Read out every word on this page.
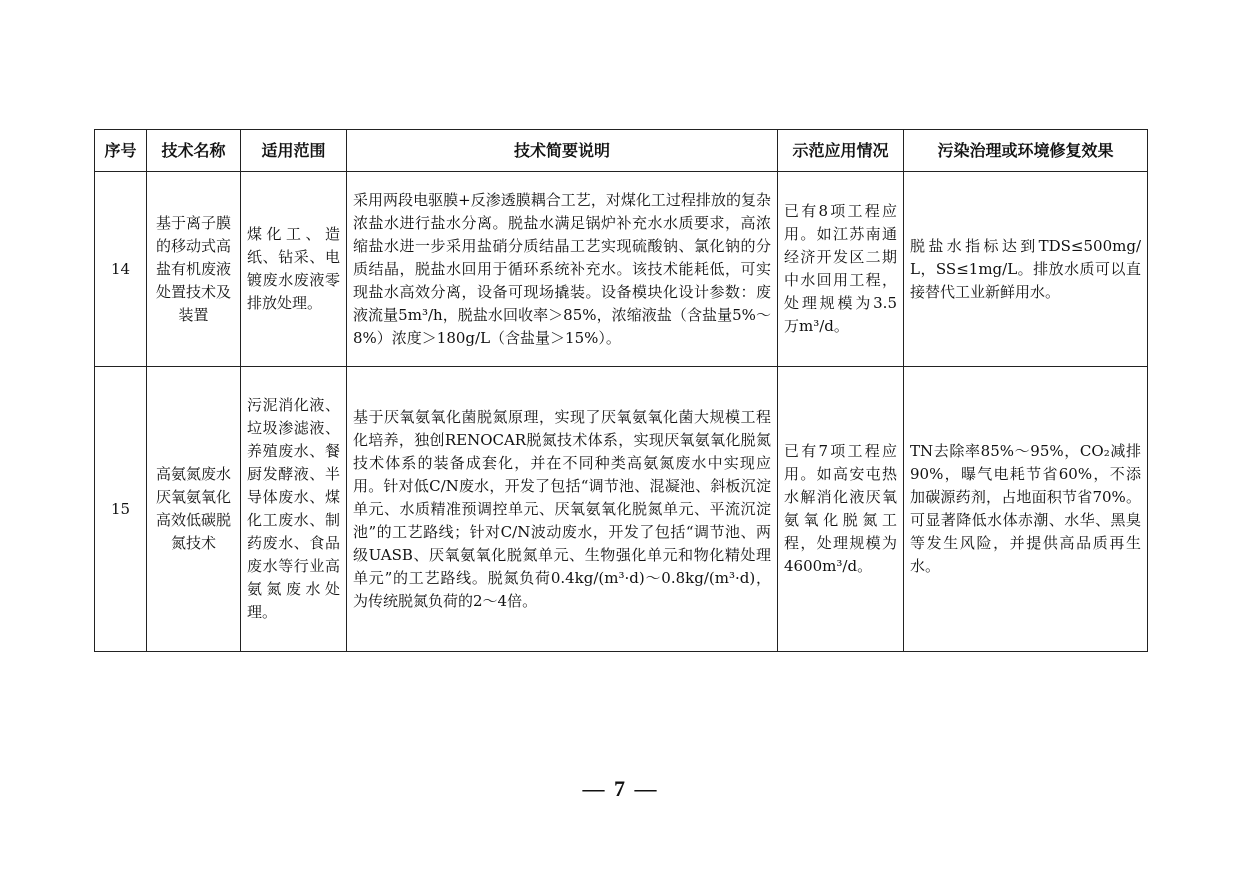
序号	技术名称	适用范围	技术简要说明	示范应用情况	污染治理或环境修复效果
14	基于离子膜的移动式高盐有机废液处置技术及装置	煤化工、造纸、钻采、电镀废水废液零排放处理。	采用两段电驱膜+反渗透膜耦合工艺，对煤化工过程排放的复杂浓盐水进行盐水分离。脱盐水满足锅炉补充水水质要求，高浓缩盐水进一步采用盐硝分质结晶工艺实现硫酸钠、氯化钠的分质结晶，脱盐水回用于循环系统补充水。该技术能耗低，可实现盐水高效分离，设备可现场撬装。设备模块化设计参数：废液流量5m³/h，脱盐水回收率＞85%，浓缩液盐（含盐量5%～8%）浓度＞180g/L（含盐量＞15%）。	已有8项工程应用。如江苏南通经济开发区二期中水回用工程，处理规模为3.5万m³/d。	脱盐水指标达到TDS≤500mg/L，SS≤1mg/L。排放水质可以直接替代工业新鲜用水。
15	高氨氮废水厌氧氨氧化高效低碳脱氮技术	污泥消化液、垃圾渗滤液、养殖废水、餐厨发酵液、半导体废水、煤化工废水、制药废水、食品废水等行业高氨氮废水处理。	基于厌氧氨氧化菌脱氮原理，实现了厌氧氨氧化菌大规模工程化培养，独创RENOCAR脱氮技术体系，实现厌氧氨氧化脱氮技术体系的装备成套化，并在不同种类高氨氮废水中实现应用。针对低C/N废水，开发了包括“调节池、混凝池、斜板沉淀单元、水质精准预调控单元、厌氧氨氧化脱氮单元、平流沉淀池”的工艺路线；针对C/N波动废水，开发了包括“调节池、两级UASB、厌氧氨氧化脱氮单元、生物强化单元和物化精处理单元”的工艺路线。脱氮负荷0.4kg/(m³·d)～0.8kg/(m³·d)，为传统脱氮负荷的2～4倍。	已有7项工程应用。如高安屯热水解消化液厌氧氨氧化脱氮工程，处理规模为4600m³/d。	TN去除率85%～95%，CO₂减排90%，曝气电耗节省60%，不添加碳源药剂，占地面积节省70%。可显著降低水体赤潮、水华、黑臭等发生风险，并提供高品质再生水。
— 7 —
